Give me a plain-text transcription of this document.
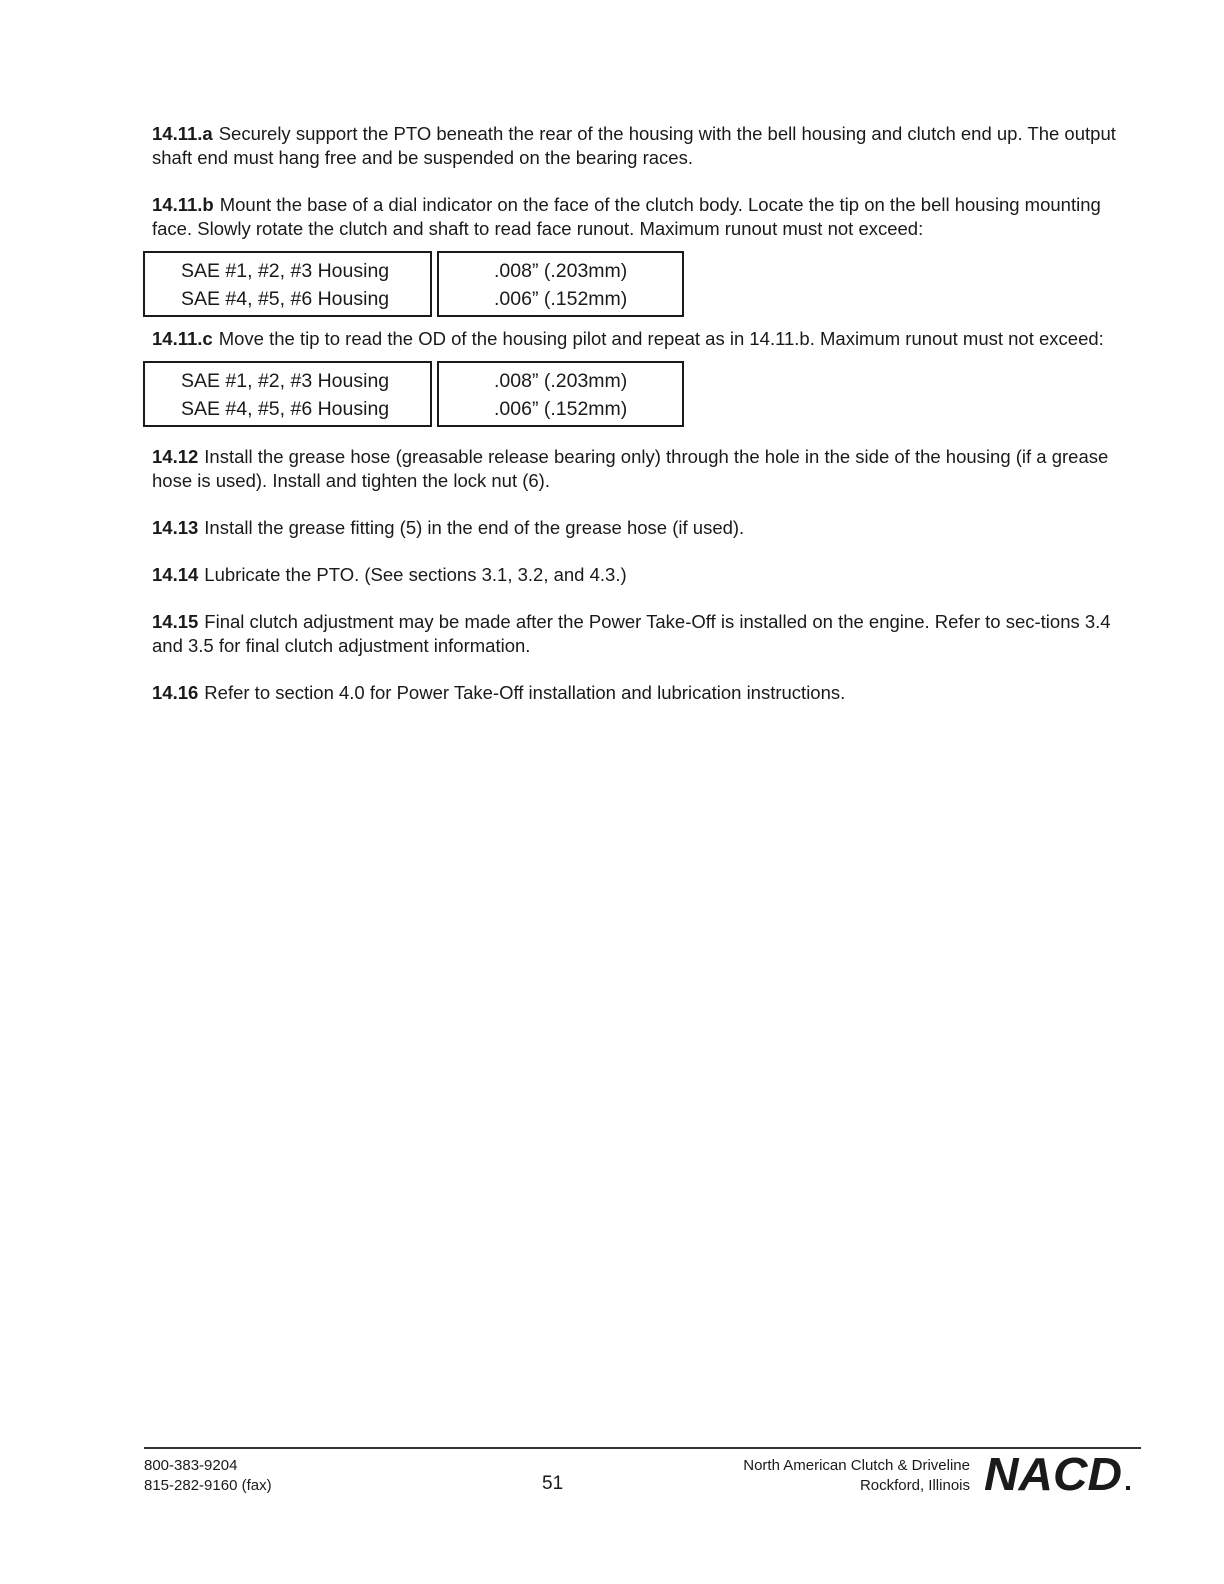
14.11.a Securely support the PTO beneath the rear of the housing with the bell housing and clutch end up. The output shaft end must hang free and be suspended on the bearing races.

14.11.b Mount the base of a dial indicator on the face of the clutch body. Locate the tip on the bell housing mounting face. Slowly rotate the clutch and shaft to read face runout. Maximum runout must not exceed:

SAE #1, #2, #3 Housing
SAE #4, #5, #6 Housing
.008” (.203mm)
.006” (.152mm)

14.11.c Move the tip to read the OD of the housing pilot and repeat as in 14.11.b. Maximum runout must not exceed:

SAE #1, #2, #3 Housing
SAE #4, #5, #6 Housing
.008” (.203mm)
.006” (.152mm)

14.12 Install the grease hose (greasable release bearing only) through the hole in the side of the housing (if a grease hose is used). Install and tighten the lock nut (6).

14.13 Install the grease fitting (5) in the end of the grease hose (if used).

14.14 Lubricate the PTO. (See sections 3.1, 3.2, and 4.3.)

14.15 Final clutch adjustment may be made after the Power Take-Off is installed on the engine. Refer to sec-tions 3.4 and 3.5 for final clutch adjustment information.

14.16 Refer to section 4.0 for Power Take-Off installation and lubrication instructions.

800-383-9204
815-282-9160 (fax)	51
North American Clutch & Driveline
Rockford, Illinois NACD
